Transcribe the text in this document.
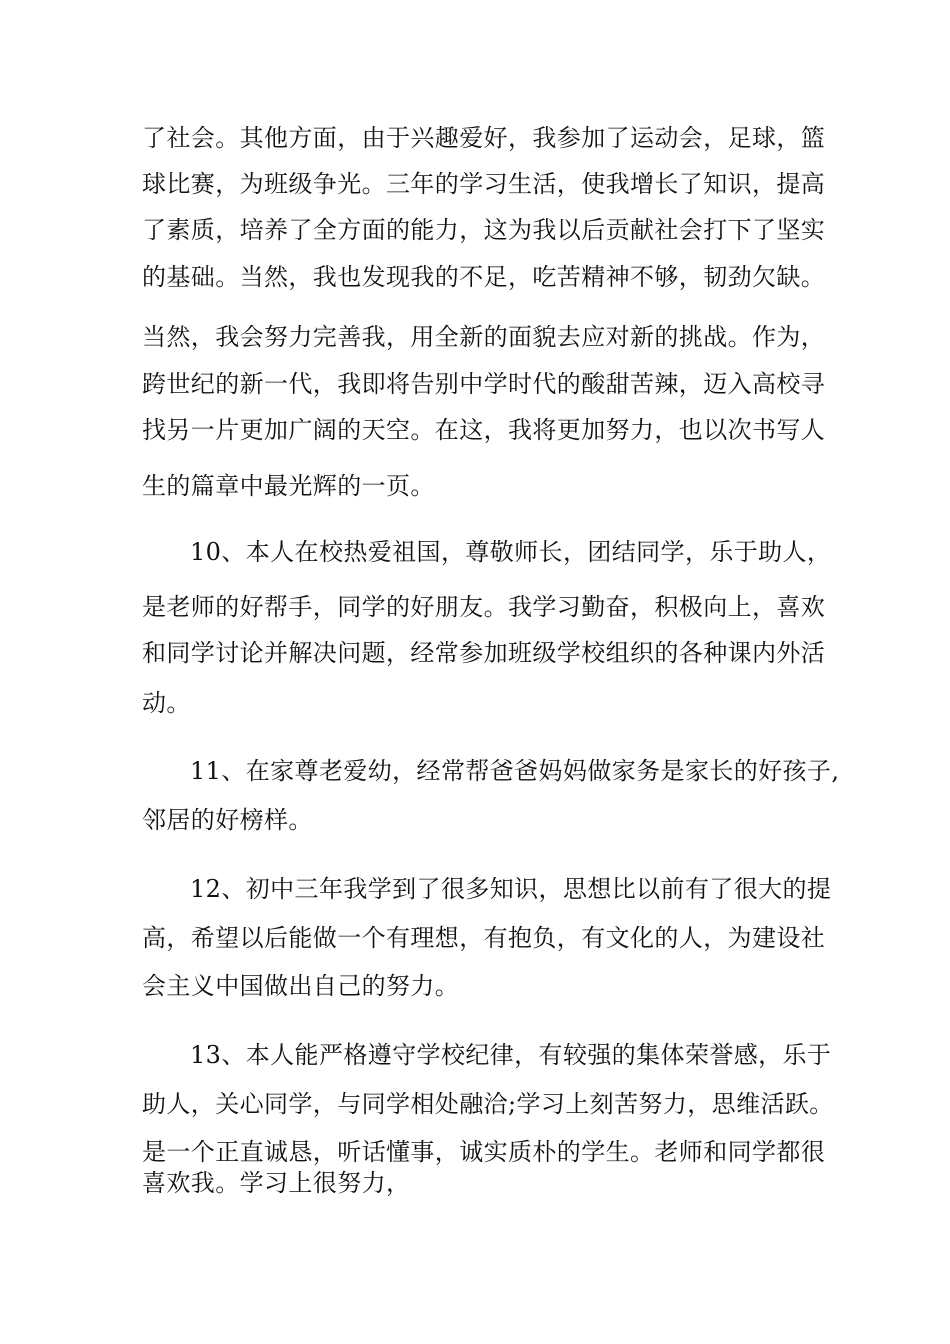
了社会。其他方面，由于兴趣爱好，我参加了运动会，足球，篮
球比赛，为班级争光。三年的学习生活，使我增长了知识，提高
了素质，培养了全方面的能力，这为我以后贡献社会打下了坚实
的基础。当然，我也发现我的不足，吃苦精神不够，韧劲欠缺。
当然，我会努力完善我，用全新的面貌去应对新的挑战。作为，
跨世纪的新一代，我即将告别中学时代的酸甜苦辣，迈入高校寻
找另一片更加广阔的天空。在这，我将更加努力，也以次书写人
生的篇章中最光辉的一页。
10、本人在校热爱祖国，尊敬师长，团结同学，乐于助人，
是老师的好帮手，同学的好朋友。我学习勤奋，积极向上，喜欢
和同学讨论并解决问题，经常参加班级学校组织的各种课内外活
动。
11、在家尊老爱幼，经常帮爸爸妈妈做家务是家长的好孩子,
邻居的好榜样。
12、初中三年我学到了很多知识，思想比以前有了很大的提
高，希望以后能做一个有理想，有抱负，有文化的人，为建设社
会主义中国做出自己的努力。
13、本人能严格遵守学校纪律，有较强的集体荣誉感，乐于
助人，关心同学，与同学相处融洽;学习上刻苦努力，思维活跃。
是一个正直诚恳，听话懂事，诚实质朴的学生。老师和同学都很
喜欢我。学习上很努力，
